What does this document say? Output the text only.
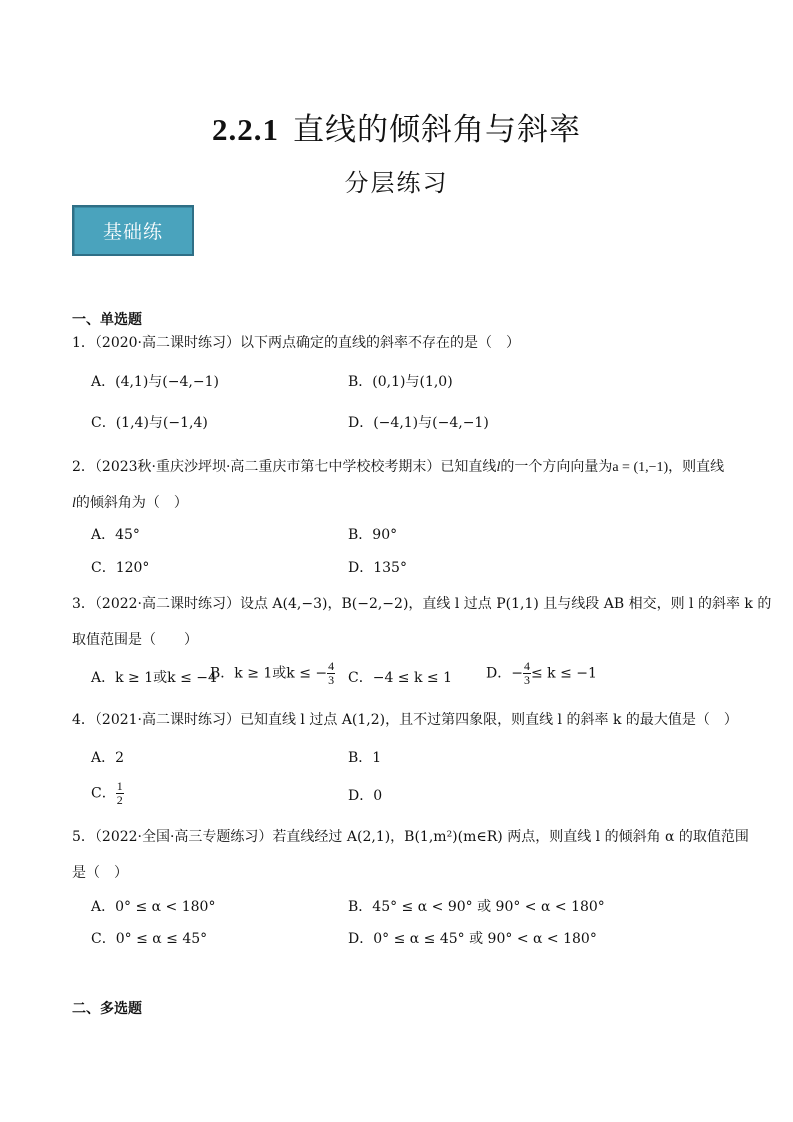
2.2.1 直线的倾斜角与斜率
分层练习
基础练
一、单选题
1．（2020·高二课时练习）以下两点确定的直线的斜率不存在的是（　）
A．(4,1)与(−4,−1)	B．(0,1)与(1,0)
C．(1,4)与(−1,4)	D．(−4,1)与(−4,−1)
2．（2023秋·重庆沙坪坝·高二重庆市第七中学校校考期末）已知直线l的一个方向向量为a = (1,−1)，则直线
l的倾斜角为（　）
A．45°	B．90°
C．120°	D．135°
3．（2022·高二课时练习）设点 A(4,−3)，B(−2,−2)，直线 l 过点 P(1,1) 且与线段 AB 相交，则 l 的斜率 k 的
取值范围是（　　）
A．k ≥ 1或k ≤ −4
B．k ≥ 1或k ≤ − $\frac{4}{3}$ C．−4 ≤ k ≤ 1 D．− $\frac{4}{3} \le k \le -1$
4．（2021·高二课时练习）已知直线 l 过点 A(1,2)，且不过第四象限，则直线 l 的斜率 k 的最大值是（　）
A．2	B．1
C． $\frac{1}{2}$	D．0
5．（2022·全国·高三专题练习）若直线经过 A(2,1)，B(1,m²)(m∈R) 两点，则直线 l 的倾斜角 α 的取值范围
是（　）
A．0° ≤ α < 180°	B．45° ≤ α < 90° 或 90° < α < 180°
C．0° ≤ α ≤ 45°	D．0° ≤ α ≤ 45° 或 90° < α < 180°
二、多选题
